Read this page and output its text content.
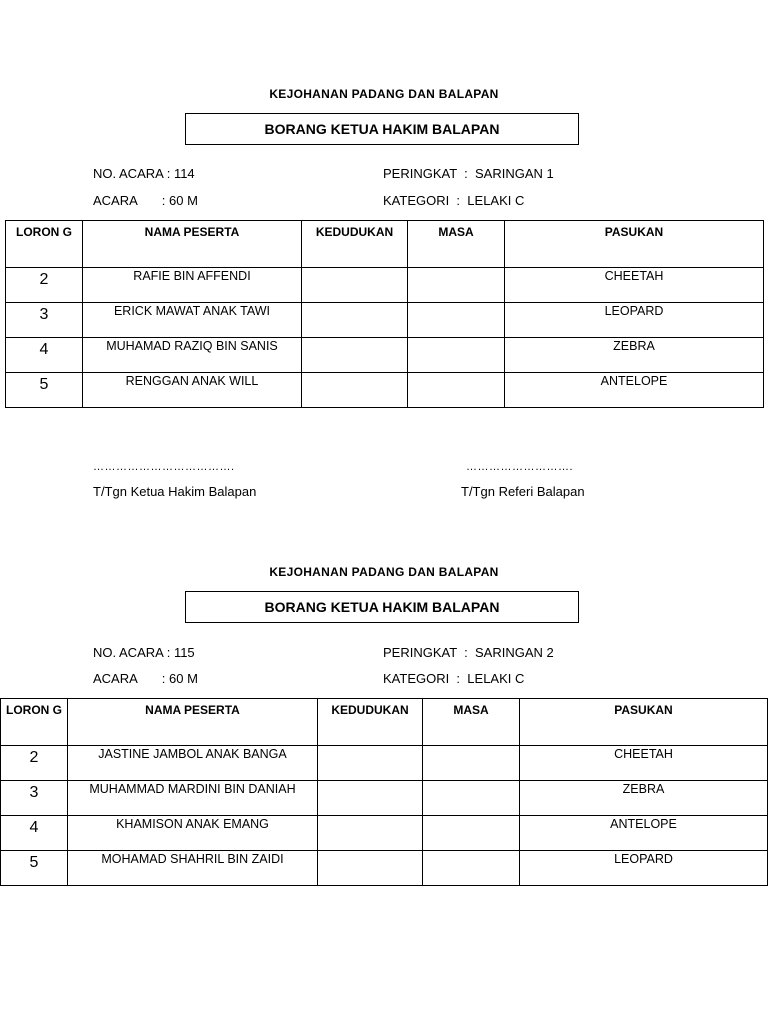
KEJOHANAN PADANG DAN BALAPAN
BORANG KETUA HAKIM BALAPAN
NO. ACARA : 114	PERINGKAT  : SARINGAN 1
ACARA : 60 M	KATEGORI  : LELAKI C
LORON G	NAMA PESERTA	KEDUDUKAN	MASA	PASUKAN
2	RAFIE BIN AFFENDI			CHEETAH
3	ERICK MAWAT ANAK TAWI			LEOPARD
4	MUHAMAD RAZIQ BIN SANIS			ZEBRA
5	RENGGAN ANAK WILL			ANTELOPE
……………………………….	……………………….
T/Tgn Ketua Hakim Balapan	T/Tgn Referi Balapan
KEJOHANAN PADANG DAN BALAPAN
BORANG KETUA HAKIM BALAPAN
NO. ACARA : 115	PERINGKAT  : SARINGAN 2
ACARA : 60 M	KATEGORI  : LELAKI C
LORON G	NAMA PESERTA	KEDUDUKAN	MASA	PASUKAN
2	JASTINE JAMBOL ANAK BANGA			CHEETAH
3	MUHAMMAD MARDINI BIN DANIAH			ZEBRA
4	KHAMISON ANAK EMANG			ANTELOPE
5	MOHAMAD SHAHRIL BIN ZAIDI			LEOPARD
